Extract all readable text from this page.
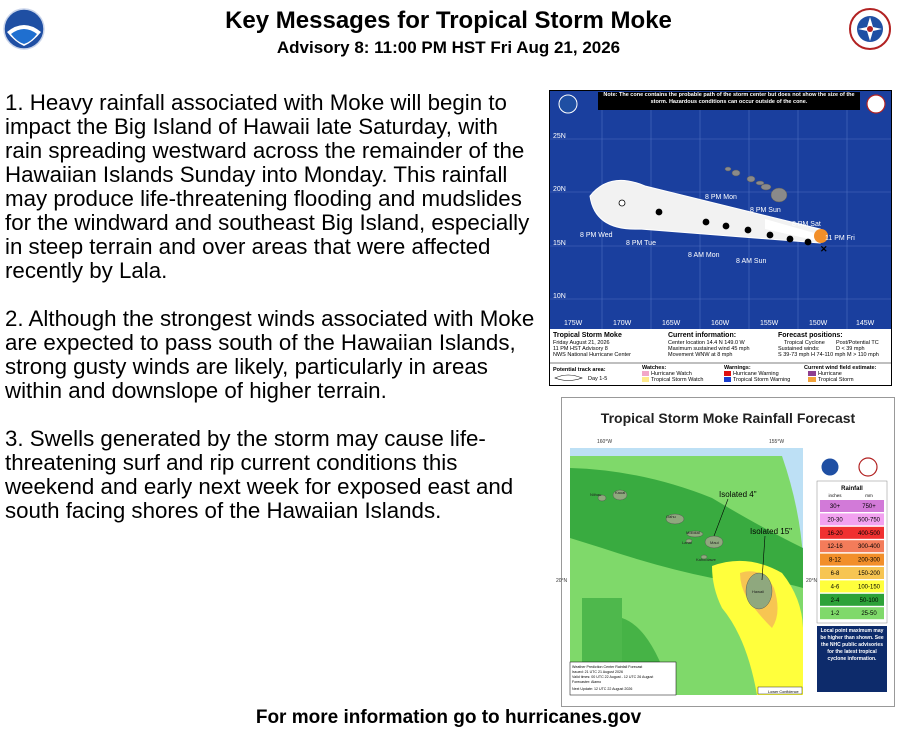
Key Messages for Tropical Storm Moke
Advisory 8: 11:00 PM HST Fri Aug 21, 2026

1. Heavy rainfall associated with Moke will begin to impact the Big Island of Hawaii late Saturday, with rain spreading westward across the remainder of the Hawaiian Islands Sunday into Monday. This rainfall may produce life-threatening flooding and mudslides for the windward and southeast Big Island, especially in steep terrain and over areas that were affected recently by Lala.

2. Although the strongest winds associated with Moke are expected to pass south of the Hawaiian Islands, strong gusty winds are likely, particularly in areas within and downslope of higher terrain.

3. Swells generated by the storm may cause life-threatening surf and rip current conditions this weekend and early next week for exposed east and south facing shores of the Hawaiian Islands.

✕
8 PM Wed
8 PM Tue
8 AM Mon
8 PM Mon
8 AM Sun
8 PM Sun
8 PM Sat
11 PM Fri
25N
20N
15N
10N
175W	170W	165W	160W	155W	150W	145W
Note: The cone contains the probable path of the storm center but does not show the size of the storm. Hazardous conditions can occur outside of the cone.
Tropical Storm Moke
Friday August 21, 2026
11 PM HST Advisory 8
NWS National Hurricane Center
Current information:
Center location 14.4 N 149.0 W
Maximum sustained wind 45 mph
Movement WNW at 8 mph
Forecast positions:
Tropical Cyclone Post/Potential TC
Sustained winds:	D < 39 mph
S 39-73 mph H 74-110 mph M > 110 mph
Potential track area:
Day 1-5
Watches:
Hurricane Watch
Tropical Storm Watch
Warnings:
Hurricane Warning
Tropical Storm Warning
Current wind field estimate:
Hurricane
Tropical Storm
Tropical Storm Moke Rainfall Forecast
160°W	155°W
20°N	20°N
Niihau	Kauai
Oahu
Molokai
Lanai	Maui
Kahoolawe
Hawaii
Isolated 4"
Isolated 15"
Weather Prediction Center Rainfall Forecast
Issued: 21 UTC 21 August 2026
Valid times: 00 UTC 22 August - 12 UTC 26 August
Forecaster: Alamo
Next Update: 12 UTC 22 August 2026
Lower Confidence
Rainfall
inches	mm
30+	750+
20-30	500-750
16-20	400-500
12-16	300-400
8-12	200-300
6-8	150-200
4-6	100-150
2-4	50-100
1-2	25-50
Local point maximum may be higher than shown. See the NHC public advisories for the latest tropical cyclone information.
For more information go to hurricanes.gov
